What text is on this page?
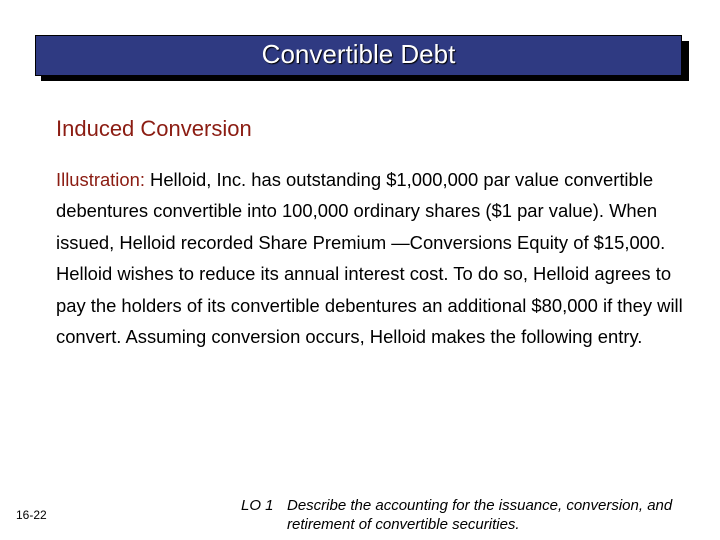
Convertible Debt
Induced Conversion
Illustration: Helloid, Inc. has outstanding $1,000,000 par value convertible debentures convertible into 100,000 ordinary shares ($1 par value). When issued, Helloid recorded Share Premium —Conversions Equity of $15,000. Helloid wishes to reduce its annual interest cost. To do so, Helloid agrees to pay the holders of its convertible debentures an additional $80,000 if they will convert. Assuming conversion occurs, Helloid makes the following entry.
16-22
LO 1 Describe the accounting for the issuance, conversion, and retirement of convertible securities.
